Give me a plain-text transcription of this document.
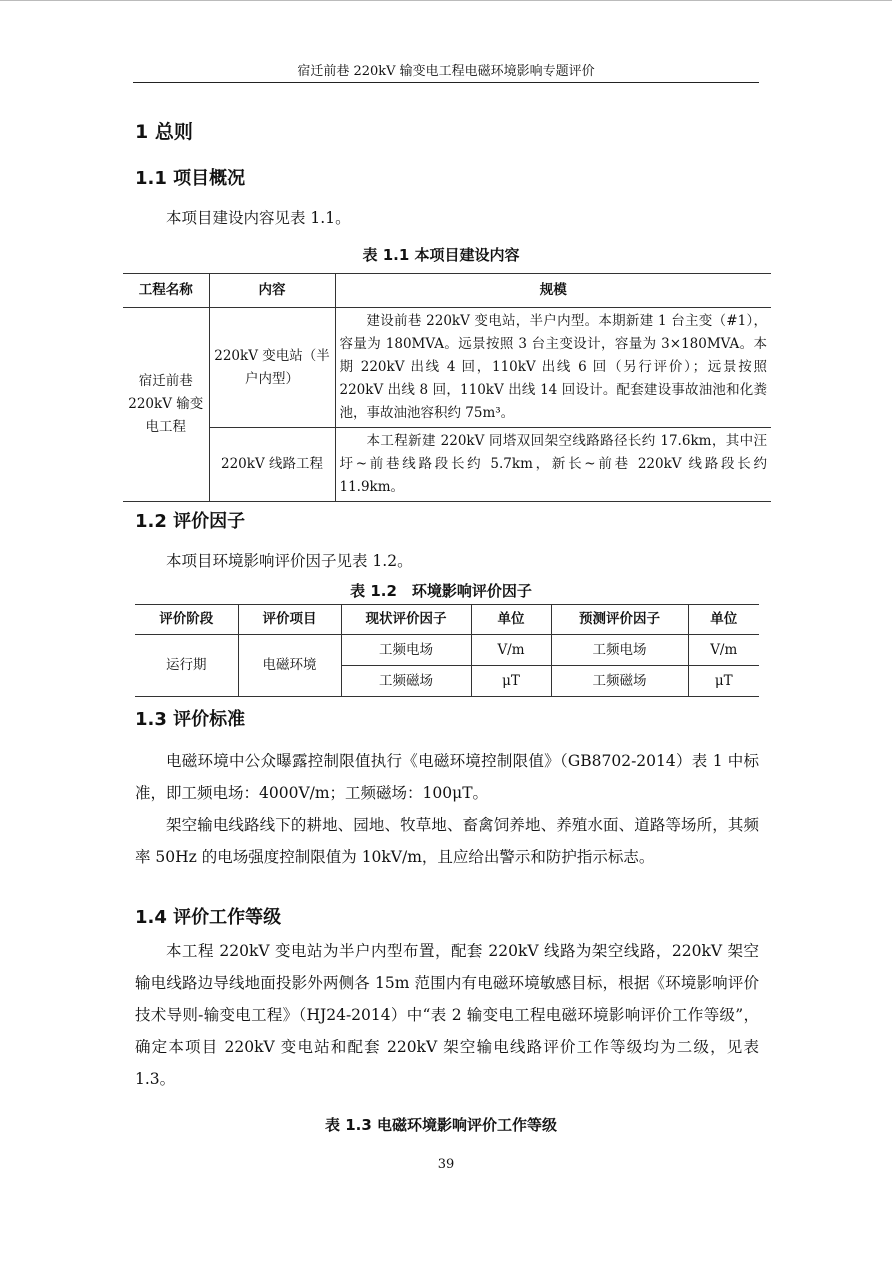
宿迁前巷 220kV 输变电工程电磁环境影响专题评价
1 总则
1.1 项目概况
本项目建设内容见表 1.1。
表 1.1 本项目建设内容
工程名称	内容	规模
宿迁前巷 220kV 输变电工程	220kV 变电站（半户内型）	建设前巷 220kV 变电站，半户内型。本期新建 1 台主变（#1），容量为 180MVA。远景按照 3 台主变设计，容量为 3×180MVA。本期 220kV 出线 4 回，110kV 出线 6 回（另行评价）；远景按照 220kV 出线 8 回，110kV 出线 14 回设计。配套建设事故油池和化粪池，事故油池容积约 75m³。
	220kV 线路工程	本工程新建 220kV 同塔双回架空线路路径长约 17.6km，其中汪圩~前巷线路段长约 5.7km，新长~前巷 220kV 线路段长约 11.9km。
1.2 评价因子
本项目环境影响评价因子见表 1.2。
表 1.2　环境影响评价因子
评价阶段	评价项目	现状评价因子	单位	预测评价因子	单位
运行期	电磁环境	工频电场	V/m	工频电场	V/m
		工频磁场	μT	工频磁场	μT
1.3 评价标准
电磁环境中公众曝露控制限值执行《电磁环境控制限值》（GB8702-2014）表 1 中标准，即工频电场：4000V/m；工频磁场：100μT。
架空输电线路线下的耕地、园地、牧草地、畜禽饲养地、养殖水面、道路等场所，其频率 50Hz 的电场强度控制限值为 10kV/m，且应给出警示和防护指示标志。
1.4 评价工作等级
本工程 220kV 变电站为半户内型布置，配套 220kV 线路为架空线路，220kV 架空输电线路边导线地面投影外两侧各 15m 范围内有电磁环境敏感目标，根据《环境影响评价技术导则-输变电工程》（HJ24-2014）中“表 2 输变电工程电磁环境影响评价工作等级”，确定本项目 220kV 变电站和配套 220kV 架空输电线路评价工作等级均为二级，见表 1.3。
表 1.3 电磁环境影响评价工作等级
39
